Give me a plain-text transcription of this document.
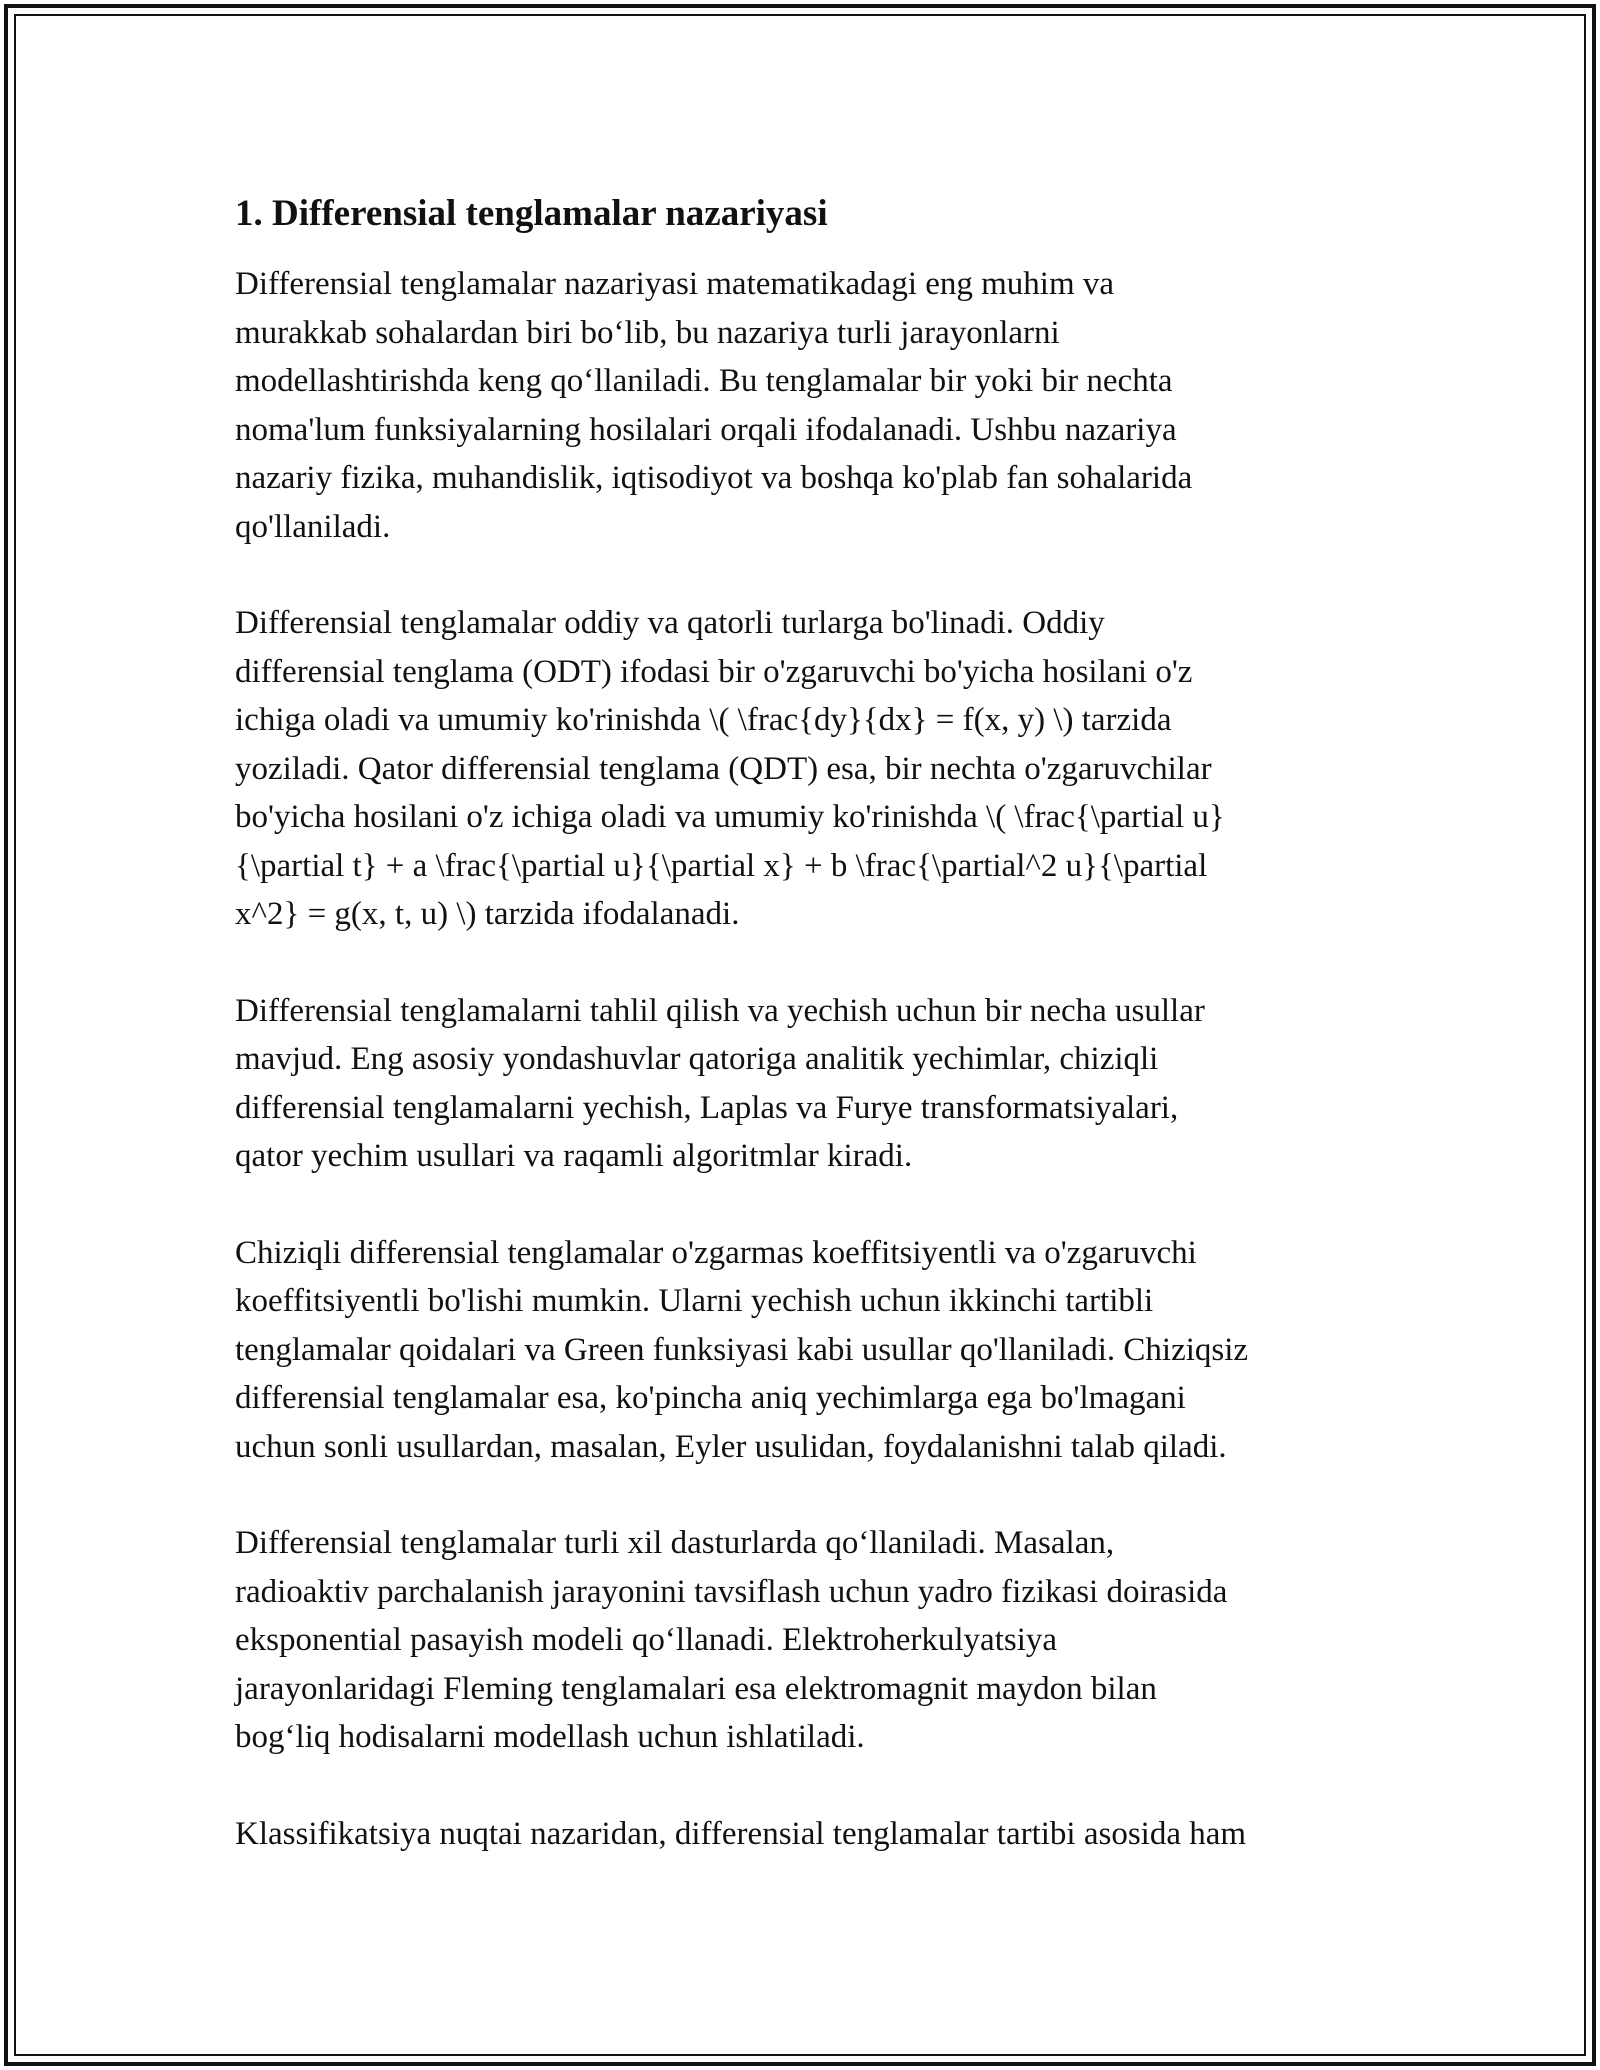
1. Differensial tenglamalar nazariyasi

Differensial tenglamalar nazariyasi matematikadagi eng muhim va
murakkab sohalardan biri bo‘lib, bu nazariya turli jarayonlarni
modellashtirishda keng qo‘llaniladi. Bu tenglamalar bir yoki bir nechta
noma'lum funksiyalarning hosilalari orqali ifodalanadi. Ushbu nazariya
nazariy fizika, muhandislik, iqtisodiyot va boshqa ko'plab fan sohalarida
qo'llaniladi.

Differensial tenglamalar oddiy va qatorli turlarga bo'linadi. Oddiy
differensial tenglama (ODT) ifodasi bir o'zgaruvchi bo'yicha hosilani o'z
ichiga oladi va umumiy ko'rinishda \( \frac{dy}{dx} = f(x, y) \) tarzida
yoziladi. Qator differensial tenglama (QDT) esa, bir nechta o'zgaruvchilar
bo'yicha hosilani o'z ichiga oladi va umumiy ko'rinishda \( \frac{\partial u}
{\partial t} + a \frac{\partial u}{\partial x} + b \frac{\partial^2 u}{\partial
x^2} = g(x, t, u) \) tarzida ifodalanadi.

Differensial tenglamalarni tahlil qilish va yechish uchun bir necha usullar
mavjud. Eng asosiy yondashuvlar qatoriga analitik yechimlar, chiziqli
differensial tenglamalarni yechish, Laplas va Furye transformatsiyalari,
qator yechim usullari va raqamli algoritmlar kiradi.

Chiziqli differensial tenglamalar o'zgarmas koeffitsiyentli va o'zgaruvchi
koeffitsiyentli bo'lishi mumkin. Ularni yechish uchun ikkinchi tartibli
tenglamalar qoidalari va Green funksiyasi kabi usullar qo'llaniladi. Chiziqsiz
differensial tenglamalar esa, ko'pincha aniq yechimlarga ega bo'lmagani
uchun sonli usullardan, masalan, Eyler usulidan, foydalanishni talab qiladi.

Differensial tenglamalar turli xil dasturlarda qo‘llaniladi. Masalan,
radioaktiv parchalanish jarayonini tavsiflash uchun yadro fizikasi doirasida
eksponential pasayish modeli qo‘llanadi. Elektroherkulyatsiya
jarayonlaridagi Fleming tenglamalari esa elektromagnit maydon bilan
bog‘liq hodisalarni modellash uchun ishlatiladi.

Klassifikatsiya nuqtai nazaridan, differensial tenglamalar tartibi asosida ham
